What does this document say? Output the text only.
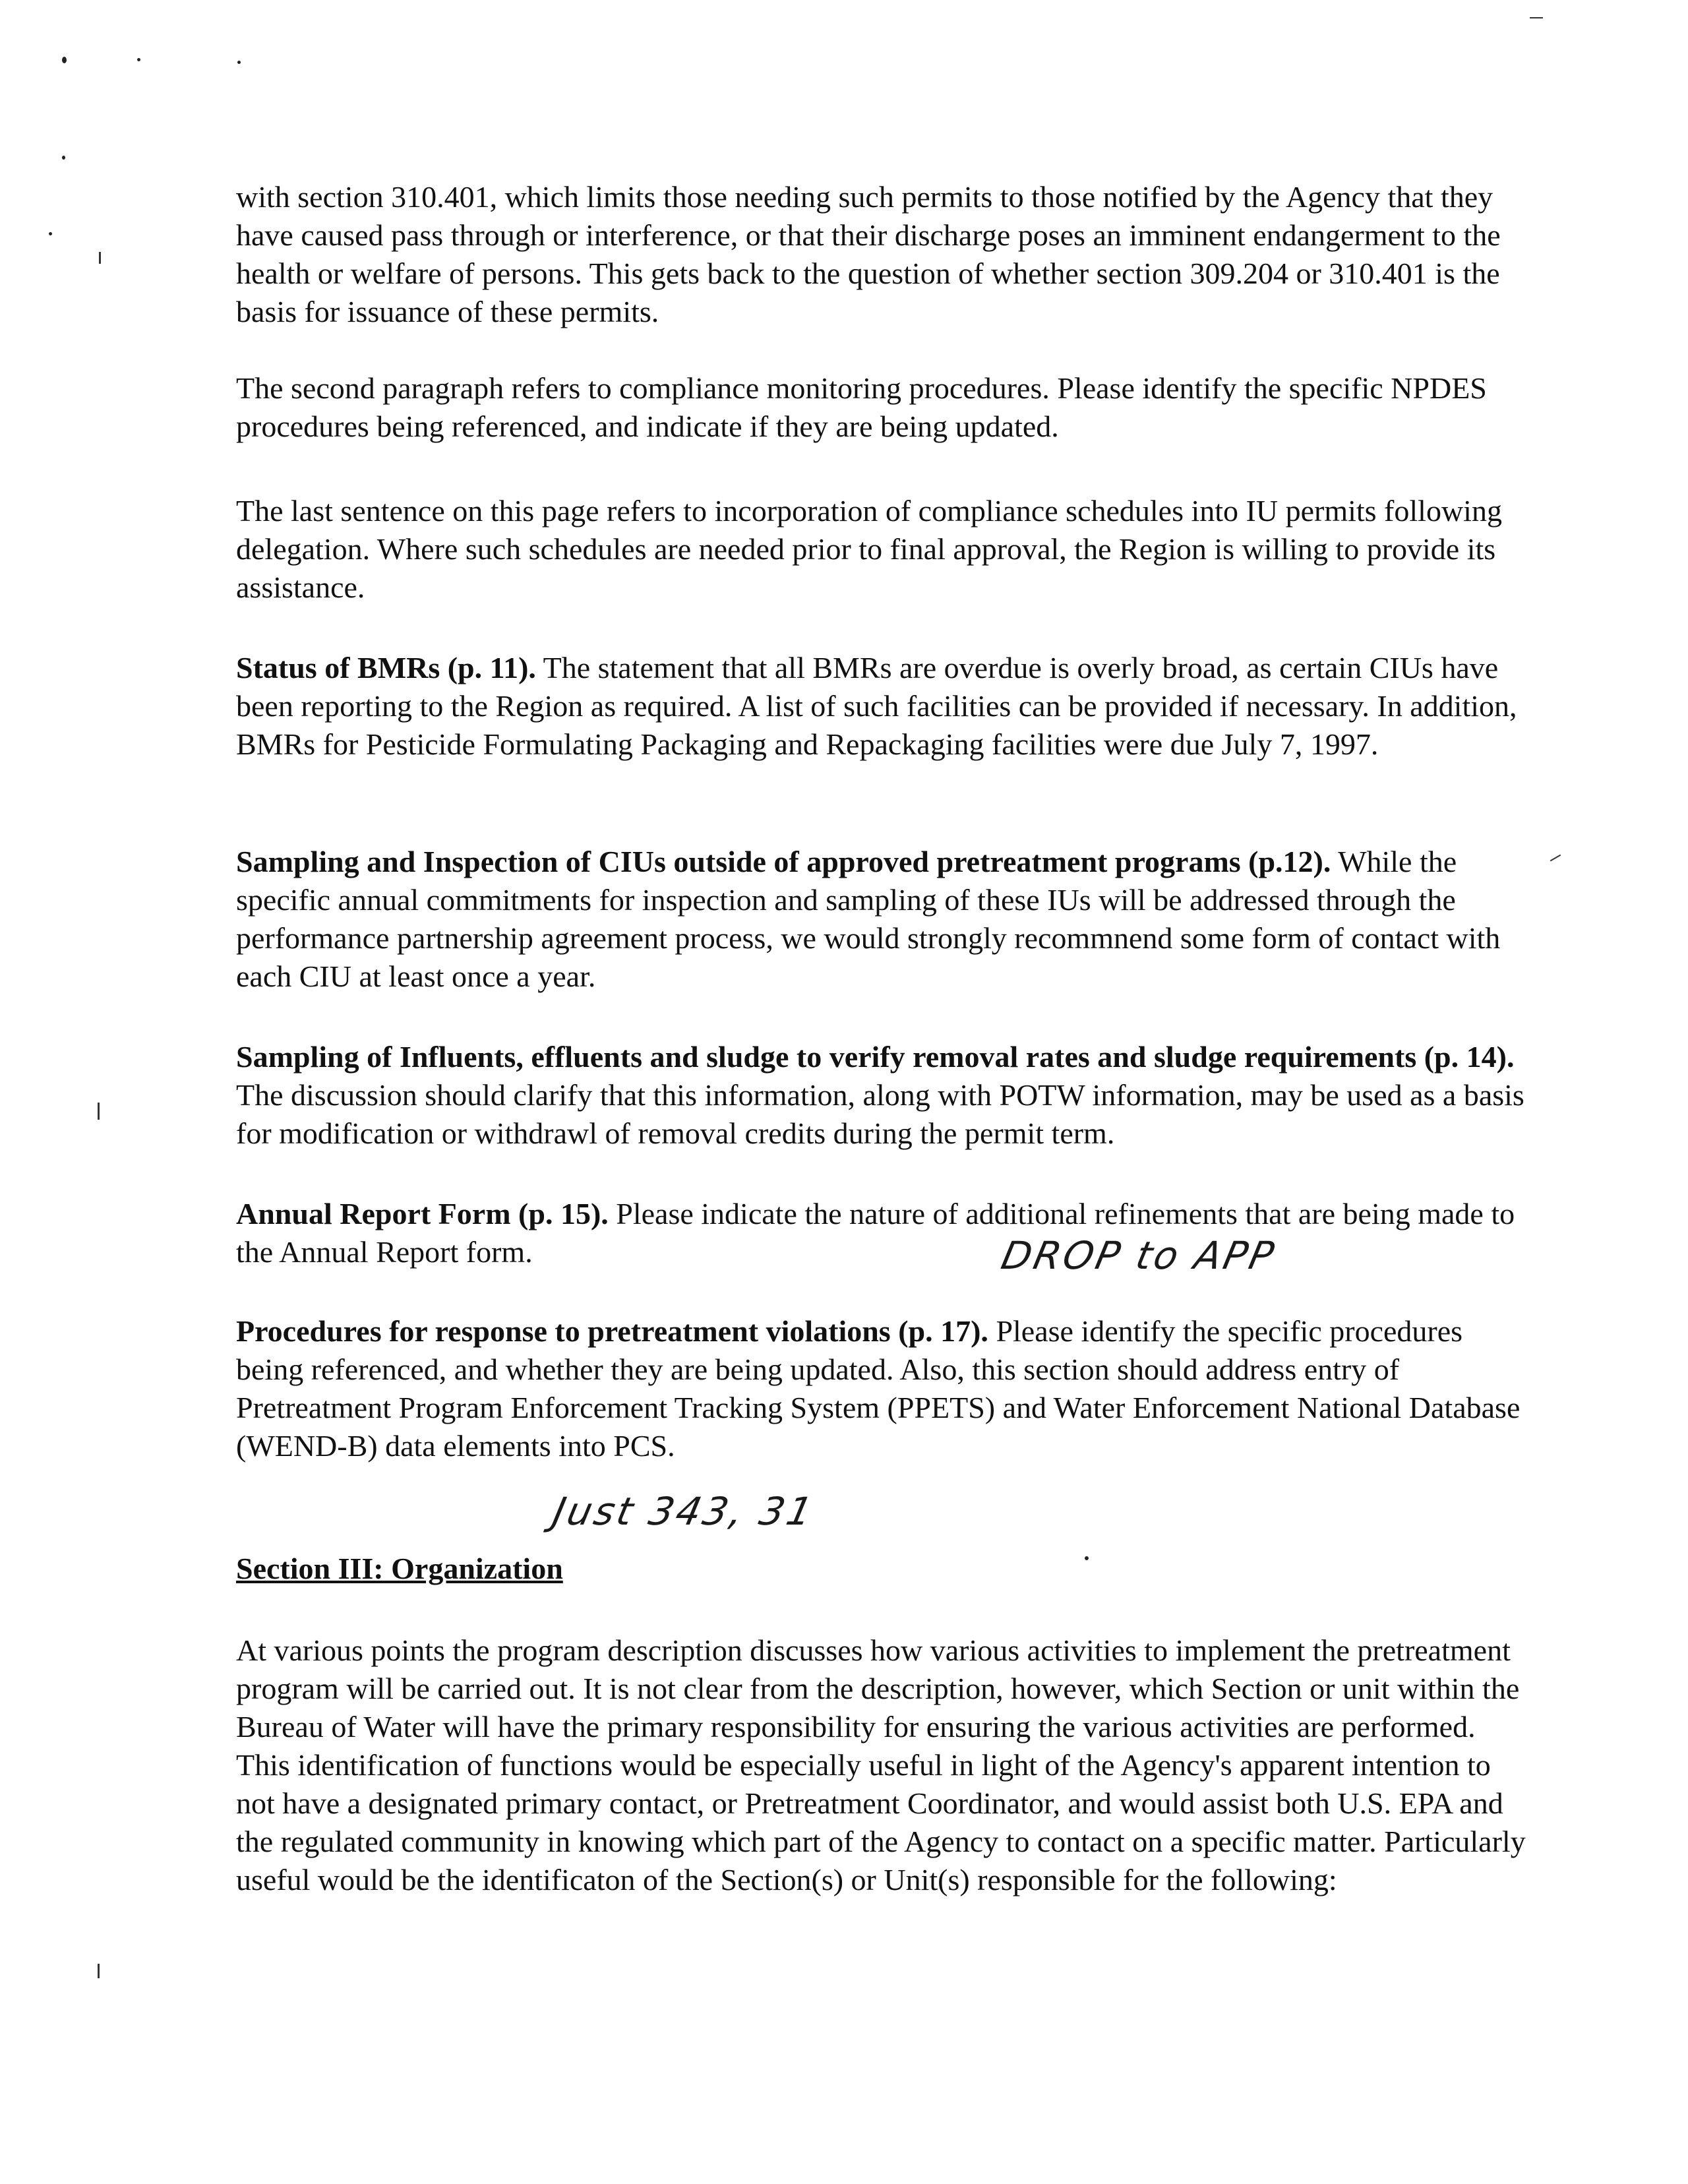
with section 310.401, which limits those needing such permits to those notified by the Agency that they have caused pass through or interference, or that their discharge poses an imminent endangerment to the health or welfare of persons. This gets back to the question of whether section 309.204 or 310.401 is the basis for issuance of these permits.

The second paragraph refers to compliance monitoring procedures. Please identify the specific NPDES procedures being referenced, and indicate if they are being updated.

The last sentence on this page refers to incorporation of compliance schedules into IU permits following delegation. Where such schedules are needed prior to final approval, the Region is willing to provide its assistance.

Status of BMRs (p. 11). The statement that all BMRs are overdue is overly broad, as certain CIUs have been reporting to the Region as required. A list of such facilities can be provided if necessary. In addition, BMRs for Pesticide Formulating Packaging and Repackaging facilities were due July 7, 1997.

Sampling and Inspection of CIUs outside of approved pretreatment programs (p.12). While the specific annual commitments for inspection and sampling of these IUs will be addressed through the performance partnership agreement process, we would strongly recommnend some form of contact with each CIU at least once a year.

Sampling of Influents, effluents and sludge to verify removal rates and sludge requirements (p. 14). The discussion should clarify that this information, along with POTW information, may be used as a basis for modification or withdrawl of removal credits during the permit term.

Annual Report Form (p. 15). Please indicate the nature of additional refinements that are being made to the Annual Report form.	DROP to APP

Procedures for response to pretreatment violations (p. 17). Please identify the specific procedures being referenced, and whether they are being updated. Also, this section should address entry of Pretreatment Program Enforcement Tracking System (PPETS) and Water Enforcement National Database (WEND-B) data elements into PCS.

Just 343, 31
Section III: Organization

At various points the program description discusses how various activities to implement the pretreatment program will be carried out. It is not clear from the description, however, which Section or unit within the Bureau of Water will have the primary responsibility for ensuring the various activities are performed. This identification of functions would be especially useful in light of the Agency's apparent intention to not have a designated primary contact, or Pretreatment Coordinator, and would assist both U.S. EPA and the regulated community in knowing which part of the Agency to contact on a specific matter. Particularly useful would be the identificaton of the Section(s) or Unit(s) responsible for the following:
